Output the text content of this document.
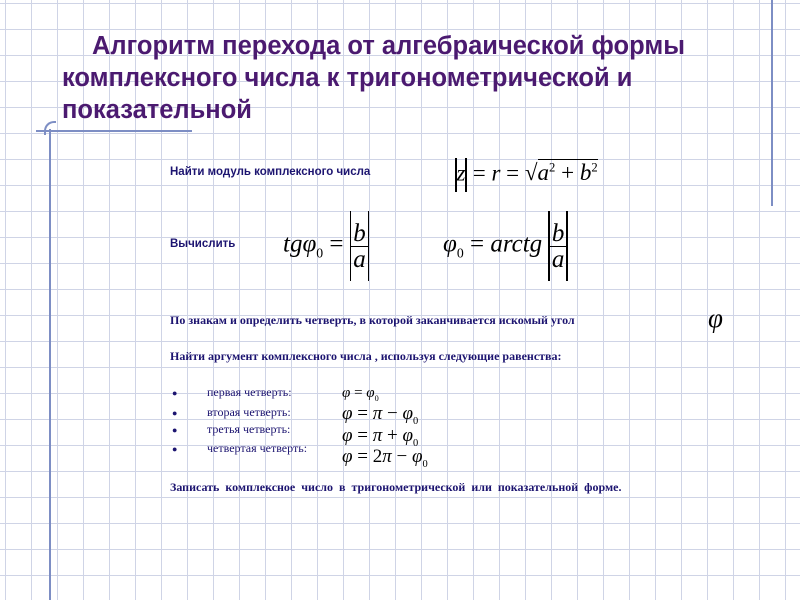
Алгоритм перехода от алгебраической формы комплексного числа к тригонометрической и показательной
Найти модуль комплексного числа	$z = r = √a^2 + b^2$
Вычислить $tg\varphi_0 = \frac{b}{a}$	$\varphi_0$ = arctg $\frac{b}{a}$
По знакам и определить четверть, в которой заканчивается искомый угол	φ
Найти аргумент комплексного числа , используя следующие равенства:
● первая четверть:	$\varphi = \varphi_0$
● вторая четверть:	$\varphi = \pi - \varphi_0$
● третья четверть:	$\varphi = \pi + \varphi_0$
● четвертая четверть: $\varphi = 2\pi - \varphi_0$
Записать комплексное число в тригонометрической или показательной форме.
